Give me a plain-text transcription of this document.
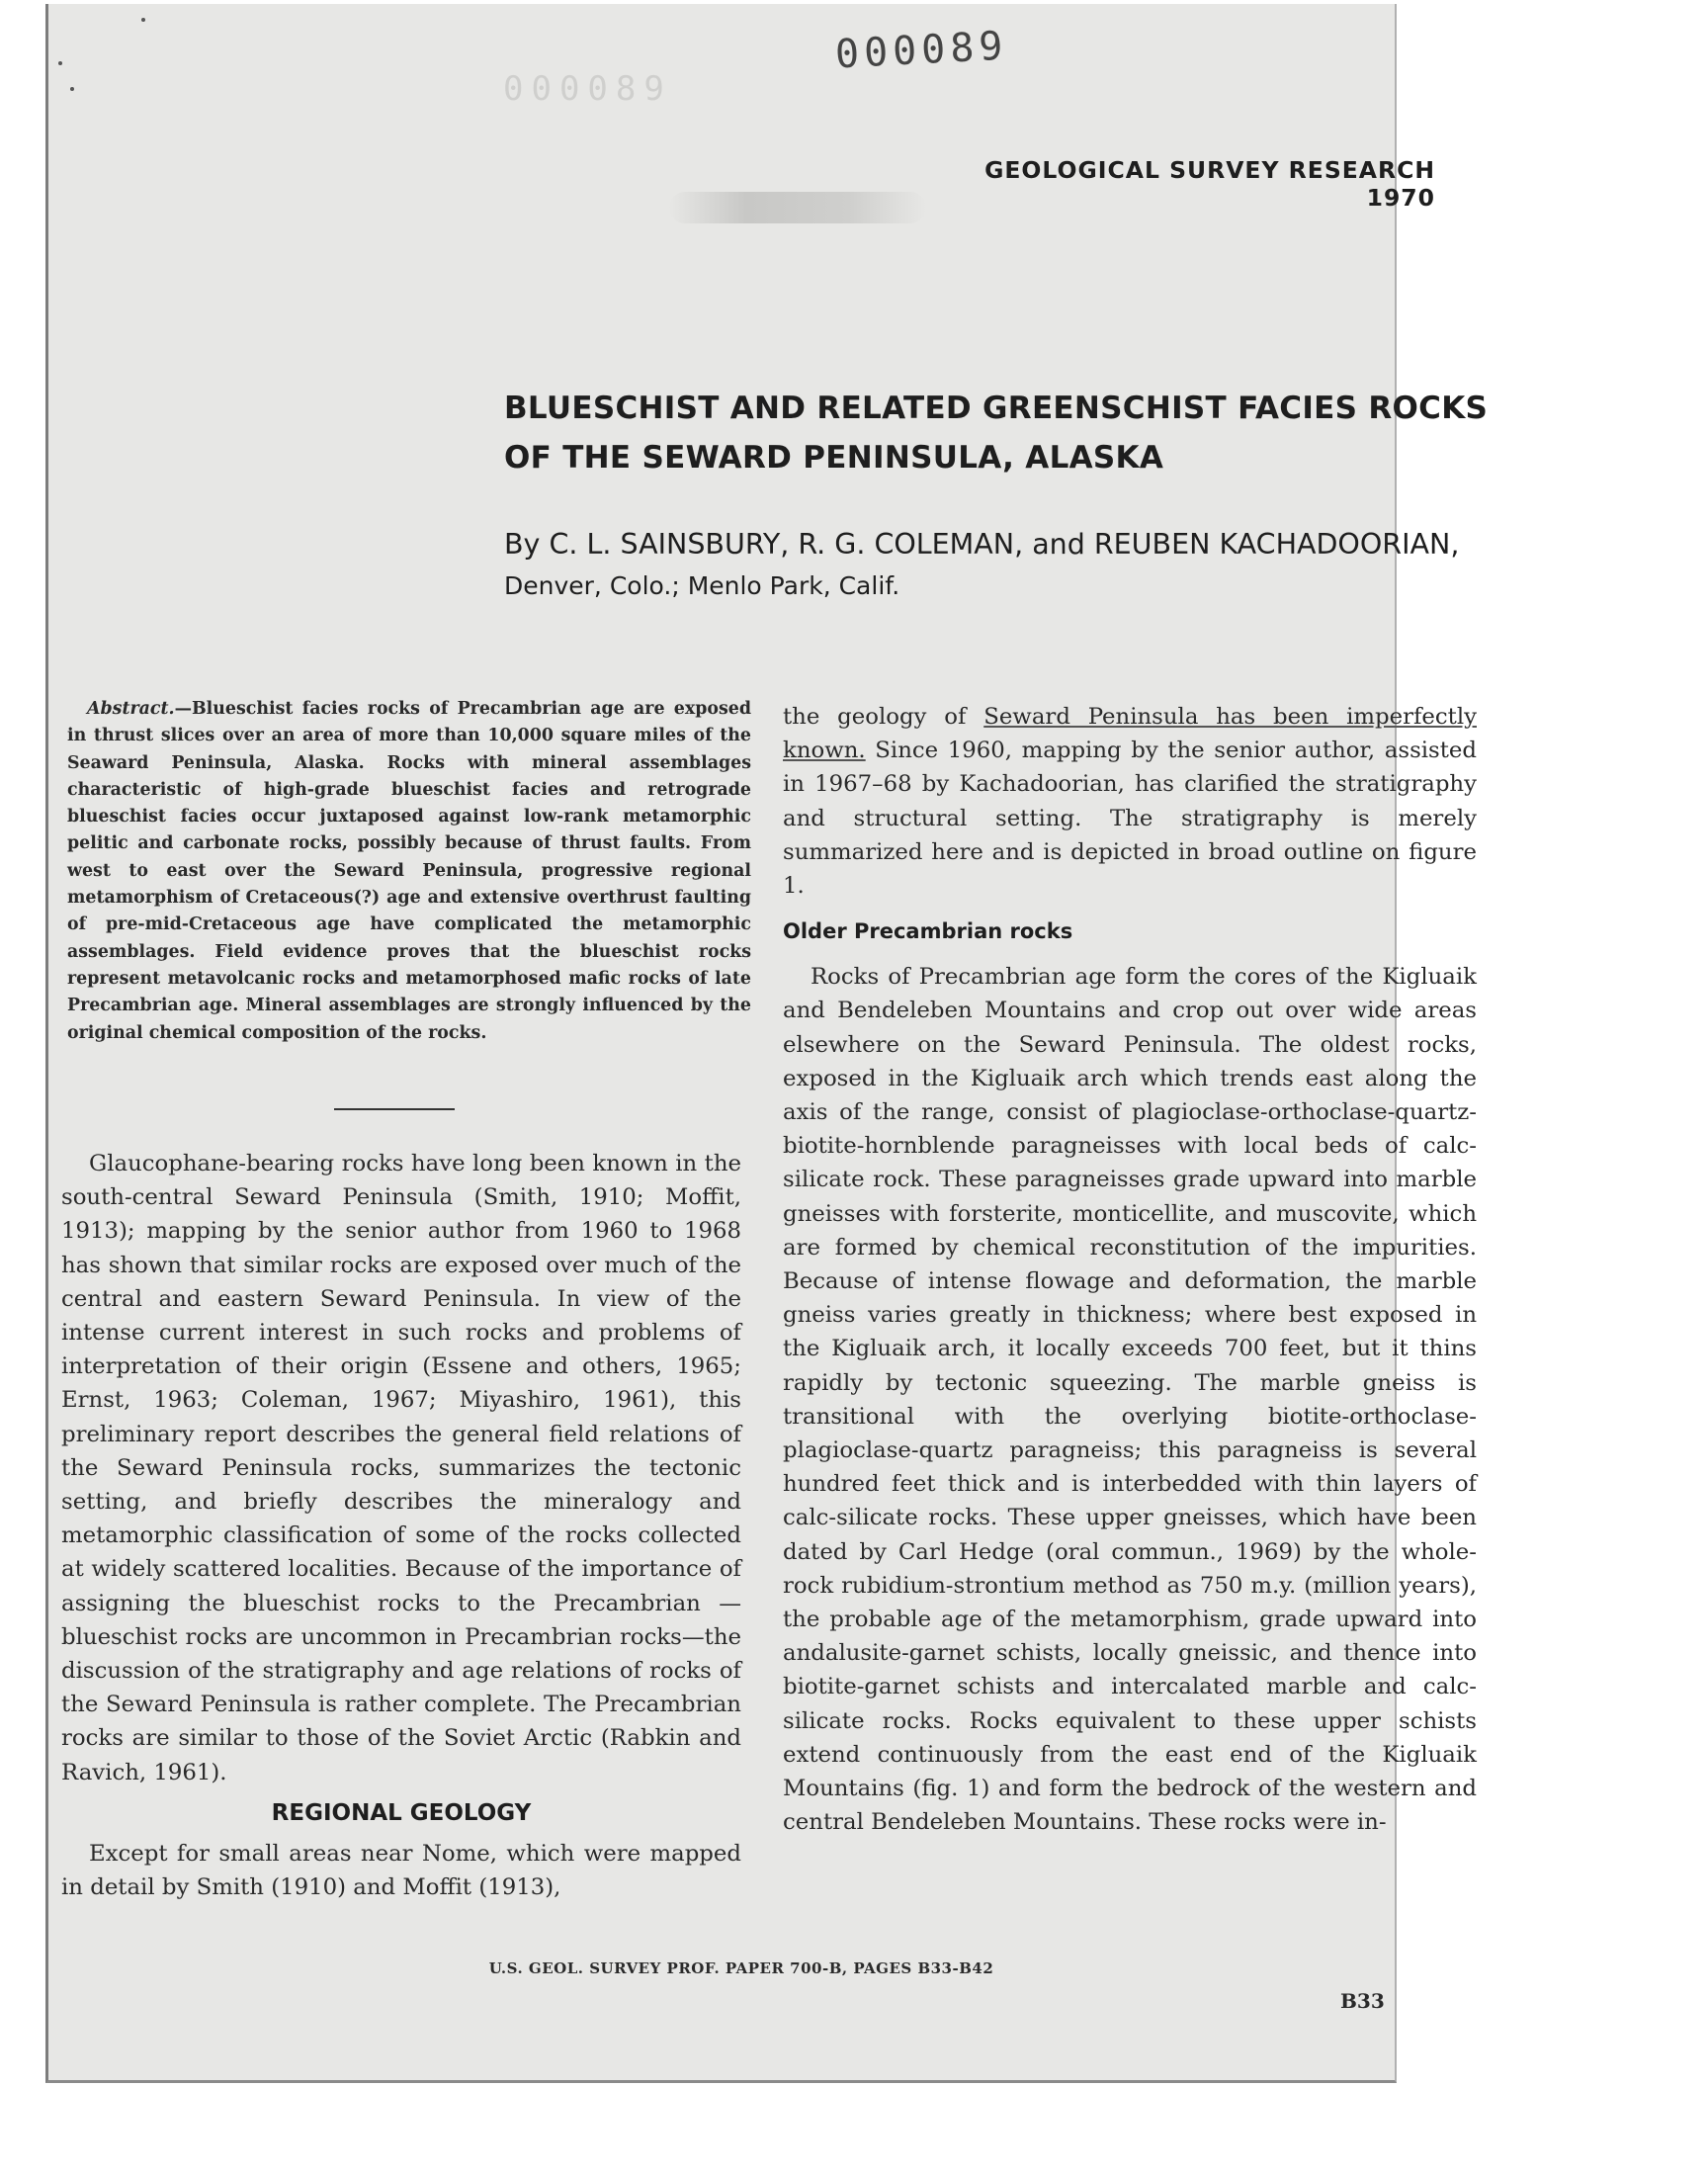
000089
000089
GEOLOGICAL SURVEY RESEARCH 1970
BLUESCHIST AND RELATED GREENSCHIST FACIES ROCKS
OF THE SEWARD PENINSULA, ALASKA
By C. L. SAINSBURY, R. G. COLEMAN, and REUBEN KACHADOORIAN,
Denver, Colo.; Menlo Park, Calif.
Abstract.—Blueschist facies rocks of Precambrian age are exposed in thrust slices over an area of more than 10,000 square miles of the Seaward Peninsula, Alaska. Rocks with mineral assemblages characteristic of high-grade blueschist facies and retrograde blueschist facies occur juxtaposed against low-rank metamorphic pelitic and carbonate rocks, possibly because of thrust faults. From west to east over the Seward Peninsula, progressive regional metamorphism of Cretaceous(?) age and extensive overthrust faulting of pre-mid-Cretaceous age have complicated the metamorphic assemblages. Field evidence proves that the blueschist rocks represent metavolcanic rocks and metamorphosed mafic rocks of late Precambrian age. Mineral assemblages are strongly influenced by the original chemical composition of the rocks.

Glaucophane-bearing rocks have long been known in the south-central Seward Peninsula (Smith, 1910; Moffit, 1913); mapping by the senior author from 1960 to 1968 has shown that similar rocks are exposed over much of the central and eastern Seward Peninsula. In view of the intense current interest in such rocks and problems of interpretation of their origin (Essene and others, 1965; Ernst, 1963; Coleman, 1967; Miyashiro, 1961), this preliminary report describes the general field relations of the Seward Peninsula rocks, summarizes the tectonic setting, and briefly describes the mineralogy and metamorphic classification of some of the rocks collected at widely scattered localities. Because of the importance of assigning the blueschist rocks to the Precambrian — blueschist rocks are uncommon in Precambrian rocks—the discussion of the stratigraphy and age relations of rocks of the Seward Peninsula is rather complete. The Precambrian rocks are similar to those of the Soviet Arctic (Rabkin and Ravich, 1961).

REGIONAL GEOLOGY

Except for small areas near Nome, which were mapped in detail by Smith (1910) and Moffit (1913),

the geology of Seward Peninsula has been imperfectly known. Since 1960, mapping by the senior author, assisted in 1967–68 by Kachadoorian, has clarified the stratigraphy and structural setting. The stratigraphy is merely summarized here and is depicted in broad outline on figure 1.

Older Precambrian rocks

Rocks of Precambrian age form the cores of the Kigluaik and Bendeleben Mountains and crop out over wide areas elsewhere on the Seward Peninsula. The oldest rocks, exposed in the Kigluaik arch which trends east along the axis of the range, consist of plagioclase-orthoclase-quartz-biotite-hornblende paragneisses with local beds of calc-silicate rock. These paragneisses grade upward into marble gneisses with forsterite, monticellite, and muscovite, which are formed by chemical reconstitution of the impurities. Because of intense flowage and deformation, the marble gneiss varies greatly in thickness; where best exposed in the Kigluaik arch, it locally exceeds 700 feet, but it thins rapidly by tectonic squeezing. The marble gneiss is transitional with the overlying biotite-orthoclase-plagioclase-quartz paragneiss; this paragneiss is several hundred feet thick and is interbedded with thin layers of calc-silicate rocks. These upper gneisses, which have been dated by Carl Hedge (oral commun., 1969) by the whole-rock rubidium-strontium method as 750 m.y. (million years), the probable age of the metamorphism, grade upward into andalusite-garnet schists, locally gneissic, and thence into biotite-garnet schists and intercalated marble and calc-silicate rocks. Rocks equivalent to these upper schists extend continuously from the east end of the Kigluaik Mountains (fig. 1) and form the bedrock of the western and central Bendeleben Mountains. These rocks were in-

U.S. GEOL. SURVEY PROF. PAPER 700-B, PAGES B33-B42
B33
